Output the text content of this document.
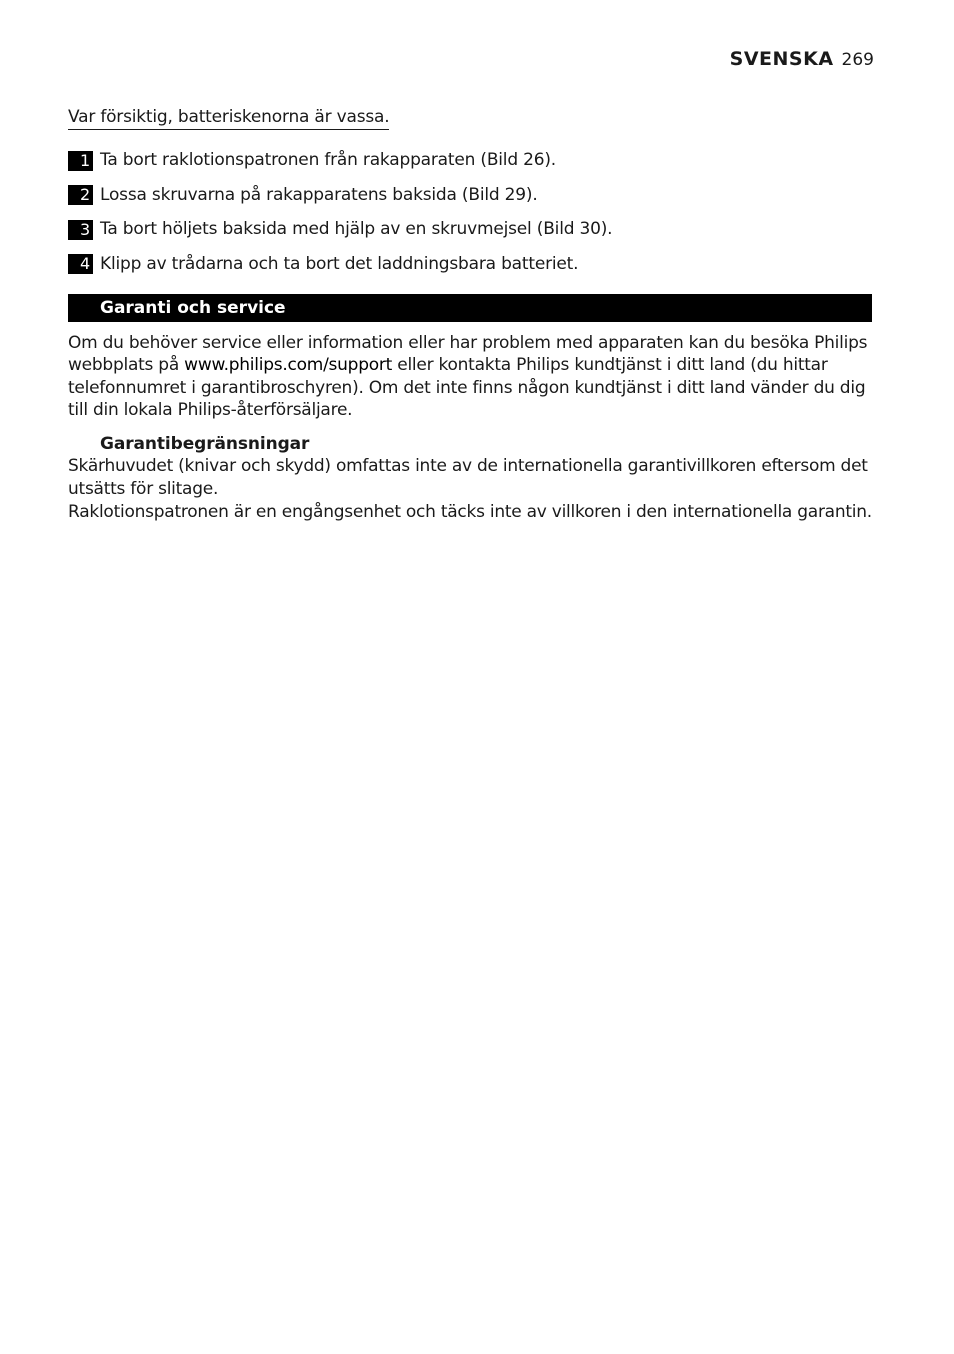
SVENSKA 269
Var försiktig, batteriskenorna är vassa.
1 Ta bort raklotionspatronen från rakapparaten (Bild 26).
2 Lossa skruvarna på rakapparatens baksida (Bild 29).
3 Ta bort höljets baksida med hjälp av en skruvmejsel (Bild 30).
4 Klipp av trådarna och ta bort det laddningsbara batteriet.
Garanti och service

Om du behöver service eller information eller har problem med apparaten kan du besöka Philips webbplats på www.philips.com/support eller kontakta Philips kundtjänst i ditt land (du hittar telefonnumret i garantibroschyren). Om det inte finns någon kundtjänst i ditt land vänder du dig till din lokala Philips-återförsäljare.

Garantibegränsningar
Skärhuvudet (knivar och skydd) omfattas inte av de internationella garantivillkoren eftersom det utsätts för slitage.
Raklotionspatronen är en engångsenhet och täcks inte av villkoren i den internationella garantin.
